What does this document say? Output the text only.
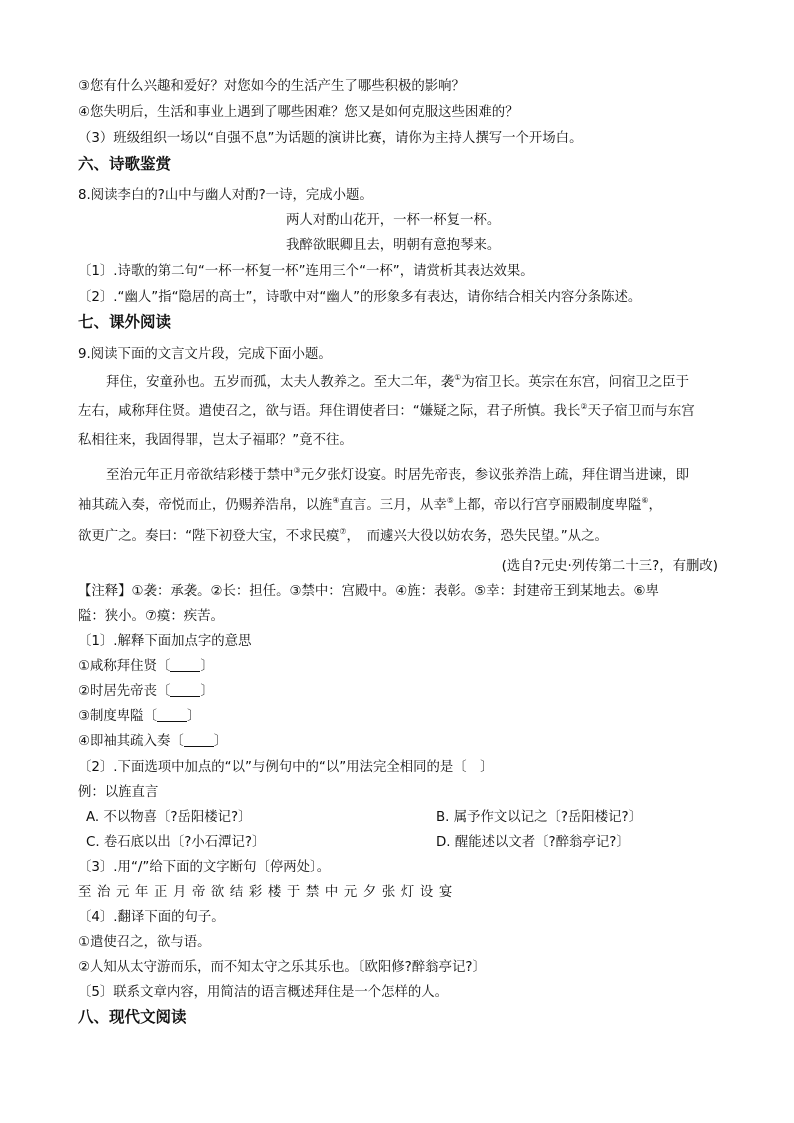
③您有什么兴趣和爱好？对您如今的生活产生了哪些积极的影响？
④您失明后，生活和事业上遇到了哪些困难？您又是如何克服这些困难的？
（3）班级组织一场以“自强不息”为话题的演讲比赛，请你为主持人撰写一个开场白。
六、诗歌鉴赏
8.阅读李白的?山中与幽人对酌?一诗，完成小题。
两人对酌山花开，一杯一杯复一杯。
我醉欲眠卿且去，明朝有意抱琴来。
〔1〕.诗歌的第二句“一杯一杯复一杯”连用三个“一杯”，请赏析其表达效果。
〔2〕.“幽人”指“隐居的高士”，诗歌中对“幽人”的形象多有表达，请你结合相关内容分条陈述。
七、课外阅读
9.阅读下面的文言文片段，完成下面小题。
拜住，安童孙也。五岁而孤，太夫人教养之。至大二年，袭①为宿卫长。英宗在东宫，问宿卫之臣于
左右，咸称拜住贤。遣使召之，欲与语。拜住谓使者曰：“嫌疑之际，君子所慎。我长②天子宿卫而与东宫
私相往来，我固得罪，岂太子福耶？”竟不往。
至治元年正月帝欲结彩楼于禁中③元夕张灯设宴。时居先帝丧，参议张养浩上疏，拜住谓当进谏，即
袖其疏入奏，帝悦而止，仍赐养浩帛，以旌④直言。三月，从幸⑤上都，帝以行宫亨丽殿制度卑隘⑥，
欲更广之。奏曰：“陛下初登大宝，不求民瘼⑦，　而遽兴大役以妨农务，恐失民望。”从之。
(选自?元史·列传第二十三?，有删改)
【注释】①袭：承袭。②长：担任。③禁中：宫殿中。④旌：表彰。⑤幸：封建帝王到某地去。⑥卑
隘：狭小。⑦瘼：疾苦。
〔1〕.解释下面加点字的意思
①咸称拜住贤〔 〕
②时居先帝丧〔 〕
③制度卑隘〔 〕
④即袖其疏入奏〔 〕
〔2〕.下面选项中加点的“以”与例句中的“以”用法完全相同的是〔　〕
例：以旌直言
A. 不以物喜〔?岳阳楼记?〕	B. 属予作文以记之〔?岳阳楼记?〕
C. 卷石底以出〔?小石潭记?〕	D. 醒能述以文者〔?醉翁亭记?〕
〔3〕.用“/”给下面的文字断句〔停两处〕。
至治元年正月帝欲结彩楼于禁中元夕张灯设宴
〔4〕.翻译下面的句子。
①遣使召之，欲与语。
②人知从太守游而乐，而不知太守之乐其乐也。〔欧阳修?醉翁亭记?〕
〔5〕联系文章内容，用简洁的语言概述拜住是一个怎样的人。
八、现代文阅读
